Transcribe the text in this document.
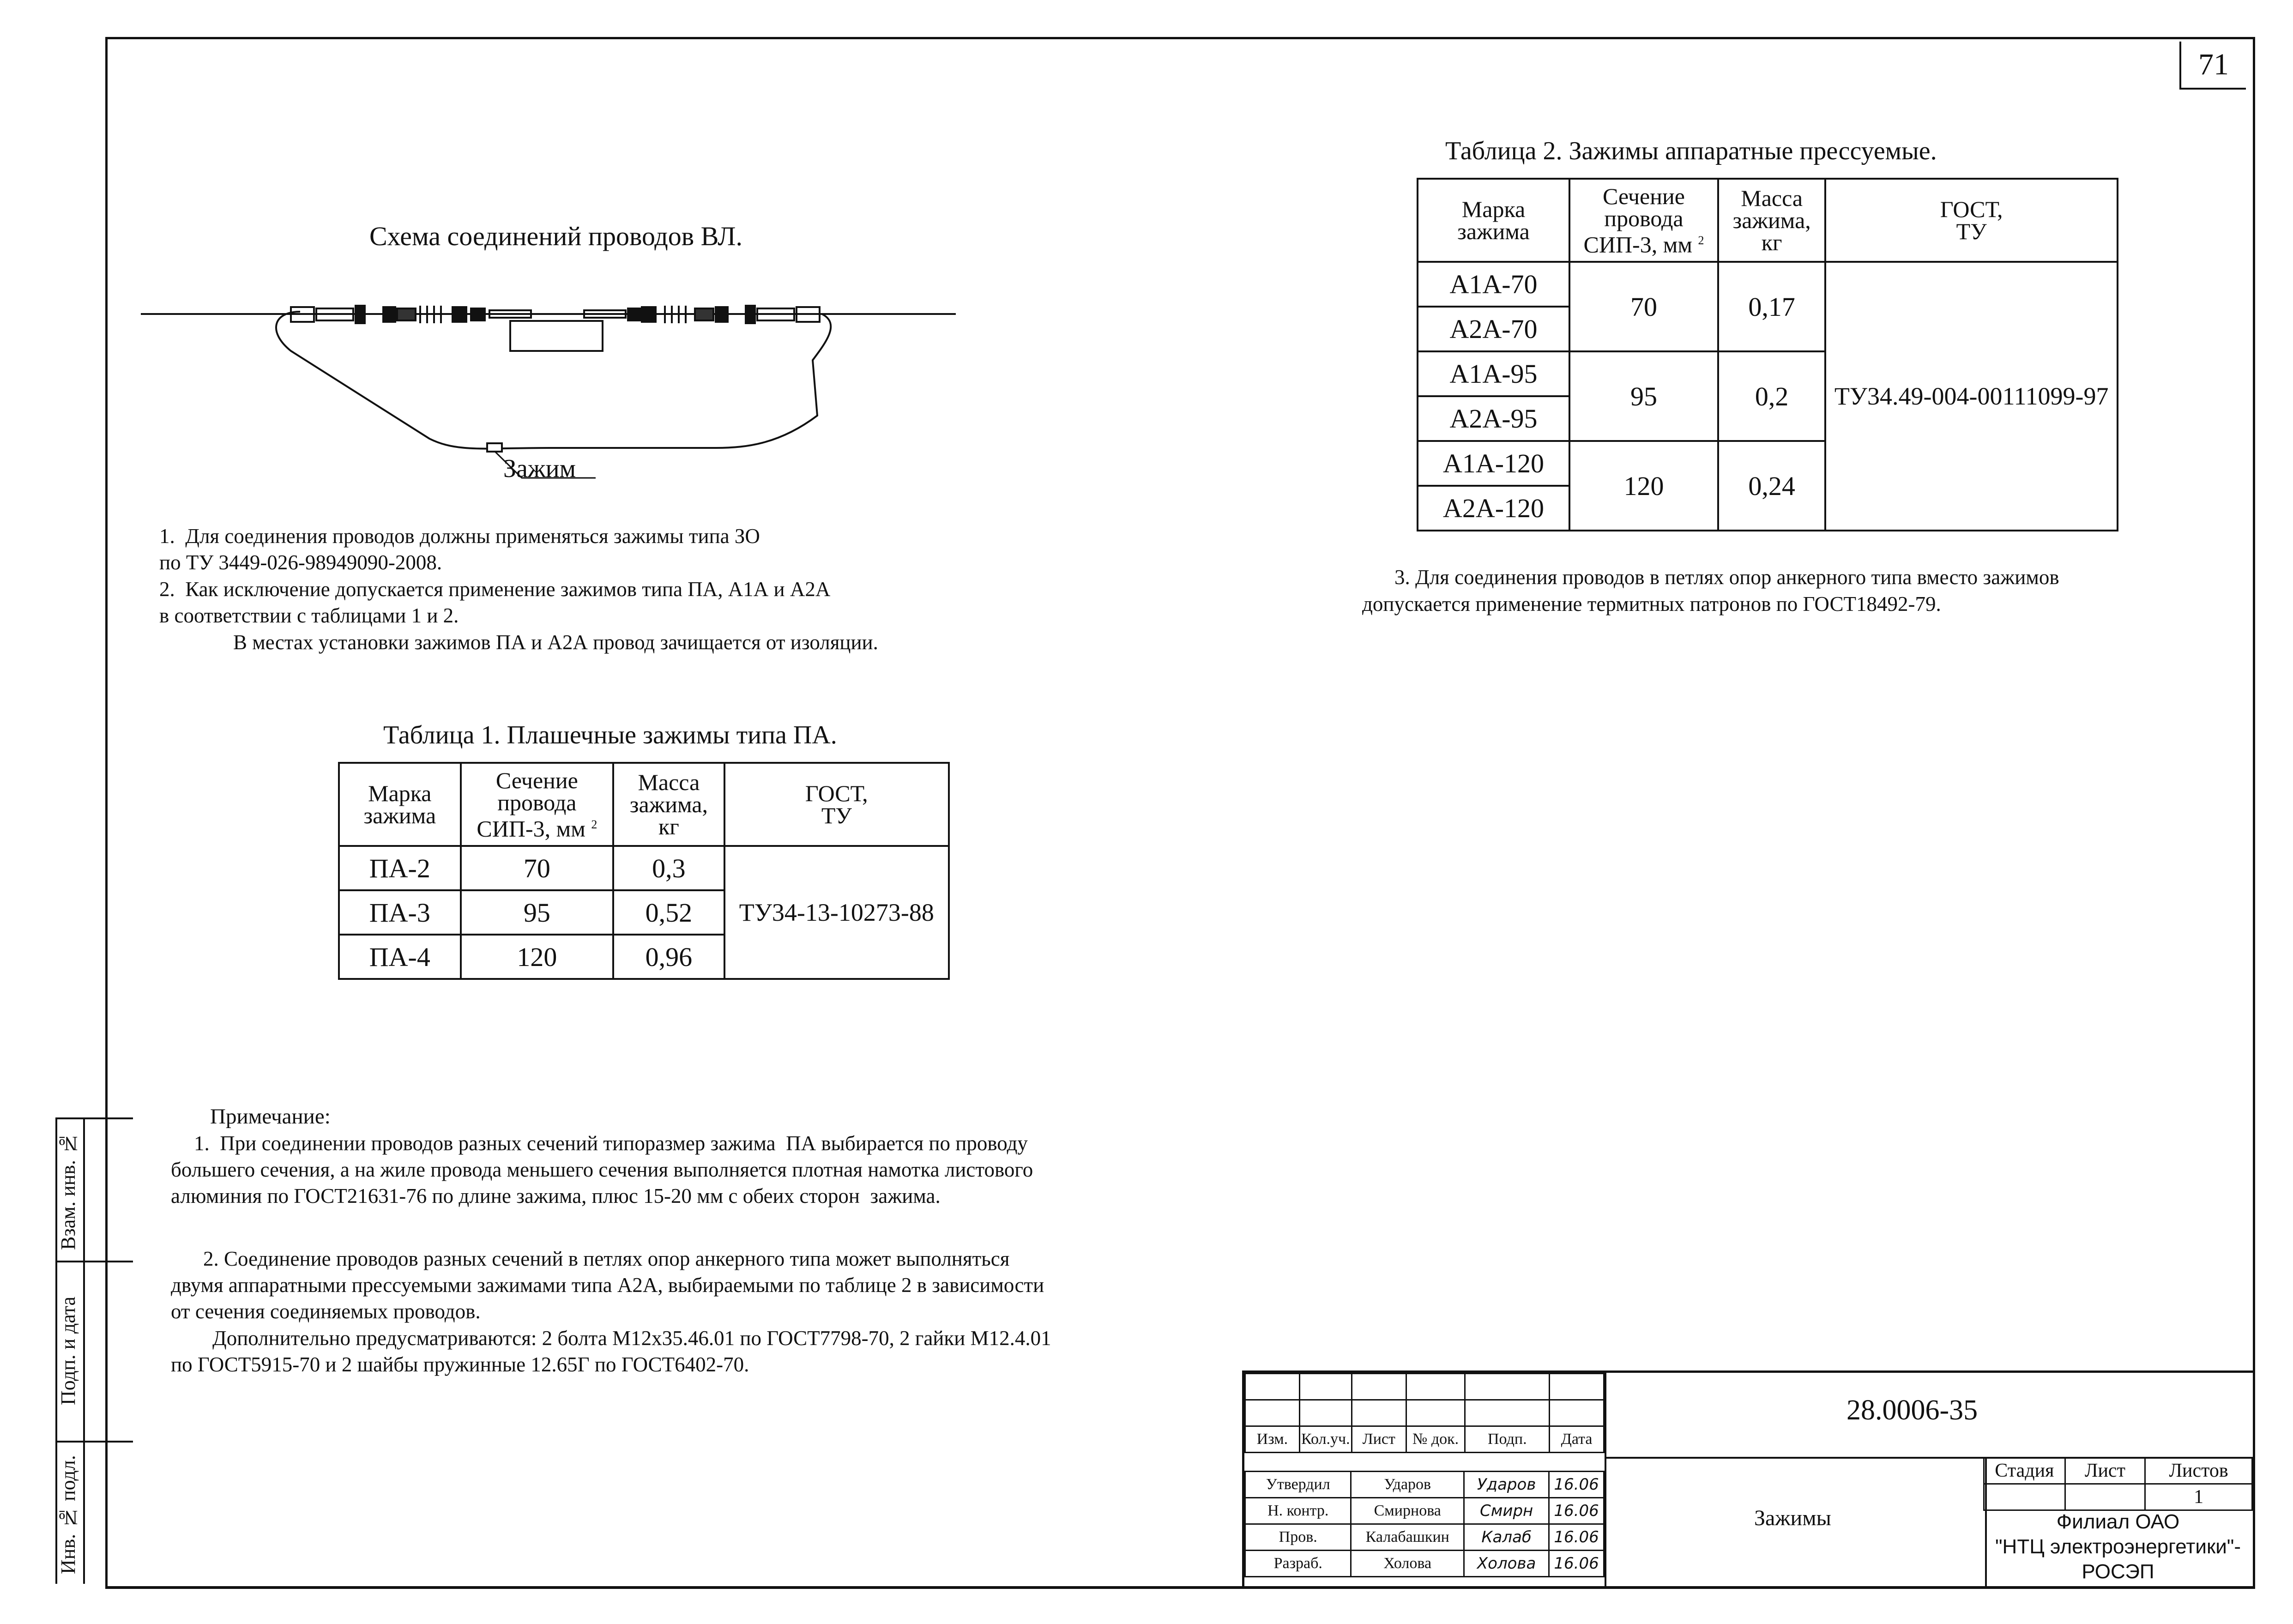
71
Взам. инв. №
Подп. и дата
Инв. № подл.
Схема соединений проводов ВЛ.
Зажим
1.  Для соединения проводов должны применяться зажимы типа ЗО
по ТУ 3449-026-98949090-2008.
2.  Как исключение допускается применение зажимов типа ПА, А1А и А2А
в соответствии с таблицами 1 и 2.
В местах установки зажимов ПА и А2А провод зачищается от изоляции.
Таблица 1. Плашечные зажимы типа ПА.
Марка
зажима	Сечение
провода
СИП-3, мм $^2$	Масса
зажима,
кг	ГОСТ,
ТУ
ПА-2	70	0,3	ТУ34-13-10273-88
ПА-3	95	0,52	
ПА-4	120	0,96	
Таблица 2. Зажимы аппаратные прессуемые.
Марка
зажима	Сечение
провода
СИП-3, мм $^2$	Масса
зажима,
кг	ГОСТ,
ТУ
А1А-70	70	0,17	ТУ34.49-004-00111099-97
А2А-70			
А1А-95	95	0,2	
А2А-95			
А1А-120	120	0,24	
А2А-120			
3. Для соединения проводов в петлях опор анкерного типа вместо зажимов
допускается применение термитных патронов по ГОСТ18492-79.
Примечание:
1.  При соединении проводов разных сечений типоразмер зажима  ПА выбирается по проводу
большего сечения, а на жиле провода меньшего сечения выполняется плотная намотка листового
алюминия по ГОСТ21631-76 по длине зажима, плюс 15-20 мм с обеих сторон  зажима.
2. Соединение проводов разных сечений в петлях опор анкерного типа может выполняться
двумя аппаратными прессуемыми зажимами типа А2А, выбираемыми по таблице 2 в зависимости
от сечения соединяемых проводов.
Дополнительно предусматриваются: 2 болта М12х35.46.01 по ГОСТ7798-70, 2 гайки М12.4.01
по ГОСТ5915-70 и 2 шайбы пружинные 12.65Г по ГОСТ6402-70.

Изм.	Кол.уч.	Лист	№ док.	Подп.	Дата
Утвердил	Ударов	Ударов	16.06
Н. контр.	Смирнова	Смирн	16.06
Пров.	Калабашкин	Калаб	16.06
Разраб.	Холова	Холова	16.06
28.0006-35
Зажимы
Стадия	Лист	Листов
		1
Филиал ОАО
"НТЦ электроэнергетики"-
РОСЭП
